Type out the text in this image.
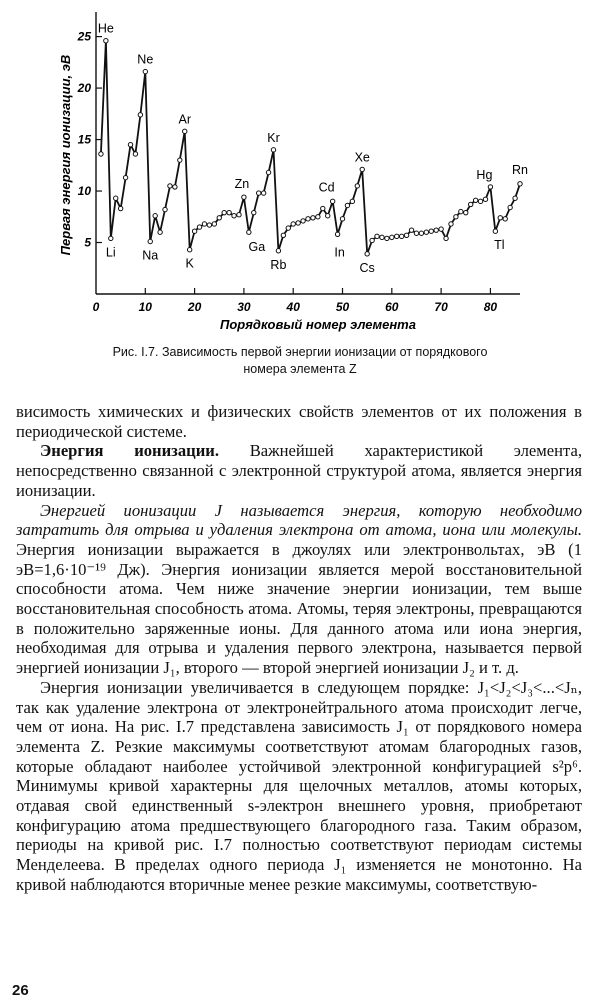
0	10	20	30	40	50	60	70	80
5
10
15
20
25
Порядковый номер элемента
Первая энергия ионизации, эВ
He
Li
Ne
Na
Ar
K
Zn
Ga
Kr
Rb
Cd
In
Xe
Cs
Hg
Tl
Rn
Рис. I.7. Зависимость первой энергии ионизации от порядкового
номера элемента Z

висимость химических и физических свойств элементов от их положения в периодической системе.

Энергия ионизации. Важнейшей характеристикой элемента, непосредственно связанной с электронной структурой атома, является энергия ионизации.

Энергией ионизации J называется энергия, которую необходимо затратить для отрыва и удаления электрона от атома, иона или молекулы. Энергия ионизации выражается в джоулях или электронвольтах, эВ (1 эВ=1,6·10⁻¹⁹ Дж). Энергия ионизации является мерой восстановительной способности атома. Чем ниже значение энергии ионизации, тем выше восстановительная способность атома. Атомы, теряя электроны, превращаются в положительно заряженные ионы. Для данного атома или иона энергия, необходимая для отрыва и удаления первого электрона, называется первой энергией ионизации J₁, второго — второй энергией ионизации J₂ и т. д.

Энергия ионизации увеличивается в следующем порядке: J₁<J₂<J₃<...<Jₙ, так как удаление электрона от электронейтрального атома происходит легче, чем от иона. На рис. I.7 представлена зависимость J₁ от порядкового номера элемента Z. Резкие максимумы соответствуют атомам благородных газов, которые обладают наиболее устойчивой электронной конфигурацией s²p⁶. Минимумы кривой характерны для щелочных металлов, атомы которых, отдавая свой единственный s-электрон внешнего уровня, приобретают конфигурацию атома предшествующего благородного газа. Таким образом, периоды на кривой рис. I.7 полностью соответствуют периодам системы Менделеева. В пределах одного периода J₁ изменяется не монотонно. На кривой наблюдаются вторичные менее резкие максимумы, соответствую-

26
